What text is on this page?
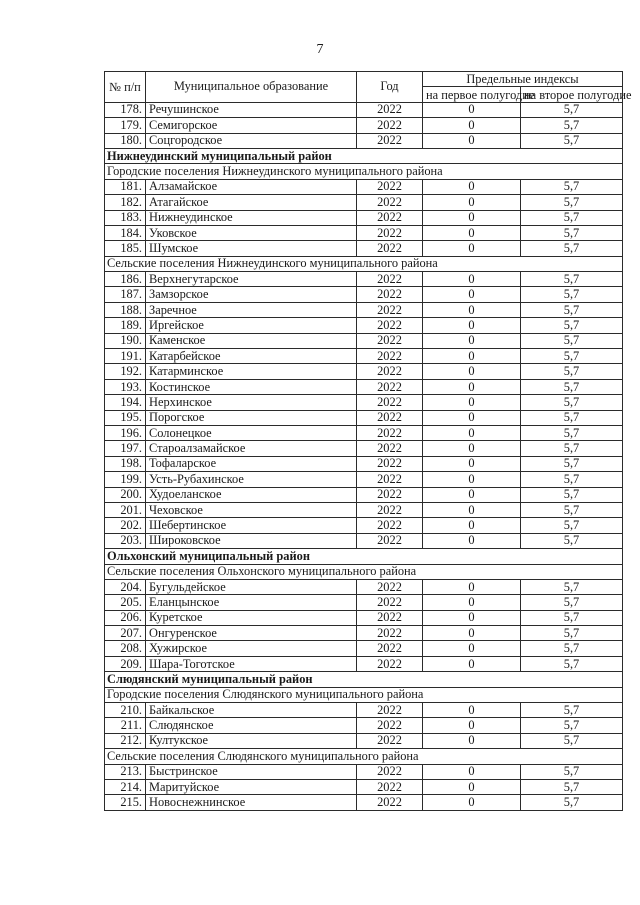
7
№ п/п	Муниципальное образование	Год	Предельные индексы	
			на первое полугодие	на второе полугодие
178.	Речушинское	2022	0	5,7
179.	Семигорское	2022	0	5,7
180.	Соцгородское	2022	0	5,7
Нижнеудинский муниципальный район				
Городские поселения Нижнеудинского муниципального района				
181.	Алзамайское	2022	0	5,7
182.	Атагайское	2022	0	5,7
183.	Нижнеудинское	2022	0	5,7
184.	Уковское	2022	0	5,7
185.	Шумское	2022	0	5,7
Сельские поселения Нижнеудинского муниципального района				
186.	Верхнегутарское	2022	0	5,7
187.	Замзорское	2022	0	5,7
188.	Заречное	2022	0	5,7
189.	Иргейское	2022	0	5,7
190.	Каменское	2022	0	5,7
191.	Катарбейское	2022	0	5,7
192.	Катарминское	2022	0	5,7
193.	Костинское	2022	0	5,7
194.	Нерхинское	2022	0	5,7
195.	Порогское	2022	0	5,7
196.	Солонецкое	2022	0	5,7
197.	Староалзамайское	2022	0	5,7
198.	Тофаларское	2022	0	5,7
199.	Усть-Рубахинское	2022	0	5,7
200.	Худоеланское	2022	0	5,7
201.	Чеховское	2022	0	5,7
202.	Шебертинское	2022	0	5,7
203.	Широковское	2022	0	5,7
Ольхонский муниципальный район				
Сельские поселения Ольхонского муниципального района				
204.	Бугульдейское	2022	0	5,7
205.	Еланцынское	2022	0	5,7
206.	Куретское	2022	0	5,7
207.	Онгуренское	2022	0	5,7
208.	Хужирское	2022	0	5,7
209.	Шара-Тоготское	2022	0	5,7
Слюдянский муниципальный район				
Городские поселения Слюдянского муниципального района				
210.	Байкальское	2022	0	5,7
211.	Слюдянское	2022	0	5,7
212.	Култукское	2022	0	5,7
Сельские поселения Слюдянского муниципального района				
213.	Быстринское	2022	0	5,7
214.	Маритуйское	2022	0	5,7
215.	Новоснежнинское	2022	0	5,7
